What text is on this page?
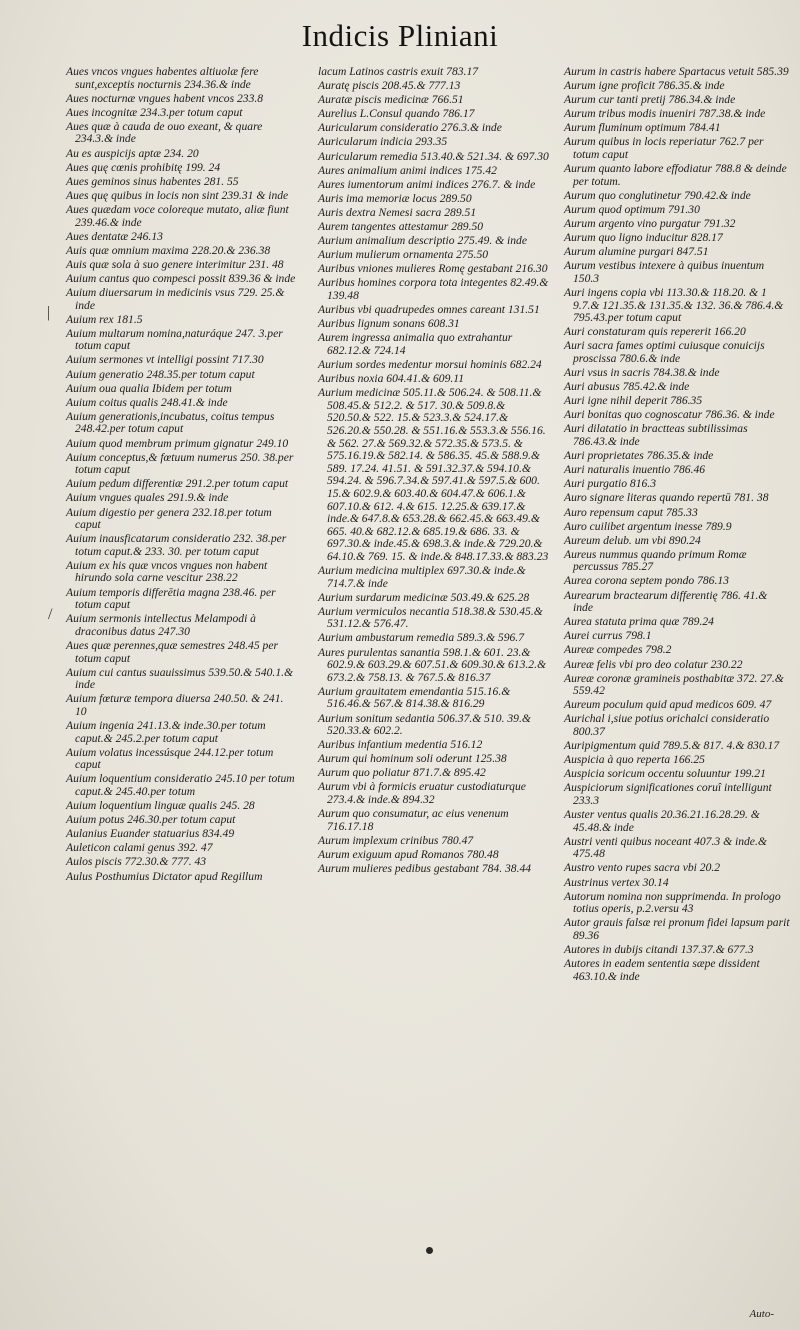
Indicis Pliniani
Aues vncos vngues habentes altiuolæ fere sunt,exceptis nocturnis 234.36.& inde
Aues nocturnæ vngues habent vncos 233.8
Aues incognitæ 234.3.per totum caput
Aues quæ à cauda de ouo exeant, & quare 234.3.& inde
Au es auspicijs aptæ 234. 20
Aues quę cœnis prohibitę 199. 24
Aues geminos sinus habentes 281. 55
Aues quę quibus in locis non sint 239.31 & inde
Aues quædam voce coloreque mutato, aliæ fiunt 239.46.& inde
Aues dentatæ 246.13
Auis quæ omnium maxima 228.20.& 236.38
Auis quæ sola à suo genere interimitur 231. 48
Auium cantus quo compesci possit 839.36 & inde
Auium diuersarum in medicinis vsus 729. 25.& inde
Auium rex 181.5
Auium multarum nomina,naturáque 247. 3.per totum caput
Auium sermones vt intelligi possint 717.30
Auium generatio 248.35.per totum caput
Auium oua qualia Ibidem per totum
Auium coitus qualis 248.41.& inde
Auium generationis,incubatus, coitus tempus 248.42.per totum caput
Auium quod membrum primum gignatur 249.10
Auium conceptus,& fœtuum numerus 250. 38.per totum caput
Auium pedum differentiæ 291.2.per totum caput
Auium vngues quales 291.9.& inde
Auium digestio per genera 232.18.per totum caput
Auium inausficatarum consideratio 232. 38.per totum caput.& 233. 30. per totum caput
Auium ex his quæ vncos vngues non habent hirundo sola carne vescitur 238.22
Auium temporis differētia magna 238.46. per totum caput
Auium sermonis intellectus Melampodi à draconibus datus 247.30
Aues quæ perennes,quæ semestres 248.45 per totum caput
Auium cui cantus suauissimus 539.50.& 540.1.& inde
Auium fœturæ tempora diuersa 240.50. & 241. 10
Auium ingenia 241.13.& inde.30.per totum caput.& 245.2.per totum caput
Auium volatus incessúsque 244.12.per totum caput
Auium loquentium consideratio 245.10 per totum caput.& 245.40.per totum
Auium loquentium linguæ qualis 245. 28
Auium potus 246.30.per totum caput
Aulanius Euander statuarius 834.49
Auleticon calami genus 392. 47
Aulos piscis 772.30.& 777. 43
Aulus Posthumius Dictator apud Regillum
lacum Latinos castris exuit 783.17
Auratę piscis 208.45.& 777.13
Auratæ piscis medicinæ 766.51
Aurelius L.Consul quando 786.17
Auricularum consideratio 276.3.& inde
Auricularum indicia 293.35
Auricularum remedia 513.40.& 521.34. & 697.30
Aures animalium animi indices 175.42
Aures iumentorum animi indices 276.7. & inde
Auris ima memoriæ locus 289.50
Auris dextra Nemesi sacra 289.51
Aurem tangentes attestamur 289.50
Aurium animalium descriptio 275.49. & inde
Aurium mulierum ornamenta 275.50
Auribus vniones mulieres Romę gestabant 216.30
Auribus homines corpora tota integentes 82.49.& 139.48
Auribus vbi quadrupedes omnes careant 131.51
Auribus lignum sonans 608.31
Aurem ingressa animalia quo extrahantur 682.12.& 724.14
Aurium sordes medentur morsui hominis 682.24
Auribus noxia 604.41.& 609.11
Aurium medicinæ 505.11.& 506.24. & 508.11.& 508.45.& 512.2. & 517. 30.& 509.8.& 520.50.& 522. 15.& 523.3.& 524.17.& 526.20.& 550.28. & 551.16.& 553.3.& 556.16. & 562. 27.& 569.32.& 572.35.& 573.5. & 575.16.19.& 582.14. & 586.35. 45.& 588.9.& 589. 17.24. 41.51. & 591.32.37.& 594.10.& 594.24. & 596.7.34.& 597.41.& 597.5.& 600. 15.& 602.9.& 603.40.& 604.47.& 606.1.& 607.10.& 612. 4.& 615. 12.25.& 639.17.& inde.& 647.8.& 653.28.& 662.45.& 663.49.& 665. 40.& 682.12.& 685.19.& 686. 33. & 697.30.& inde.45.& 698.3.& inde.& 729.20.& 64.10.& 769. 15. & inde.& 848.17.33.& 883.23
Aurium medicina multiplex 697.30.& inde.& 714.7.& inde
Aurium surdarum medicinæ 503.49.& 625.28
Aurium vermiculos necantia 518.38.& 530.45.& 531.12.& 576.47.
Aurium ambustarum remedia 589.3.& 596.7
Aures purulentas sanantia 598.1.& 601. 23.& 602.9.& 603.29.& 607.51.& 609.30.& 613.2.& 673.2.& 758.13. & 767.5.& 816.37
Aurium grauitatem emendantia 515.16.& 516.46.& 567.& 814.38.& 816.29
Aurium sonitum sedantia 506.37.& 510. 39.& 520.33.& 602.2.
Auribus infantium medentia 516.12
Aurum qui hominum soli oderunt 125.38
Aurum quo poliatur 871.7.& 895.42
Aurum vbi à formicis eruatur custodiaturque 273.4.& inde.& 894.32
Aurum quo consumatur, ac eius venenum 716.17.18
Aurum implexum crinibus 780.47
Aurum exiguum apud Romanos 780.48
Aurum mulieres pedibus gestabant 784. 38.44
Aurum in castris habere Spartacus vetuit 585.39
Aurum igne proficit 786.35.& inde
Aurum cur tanti pretij 786.34.& inde
Aurum tribus modis inueniri 787.38.& inde
Aurum fluminum optimum 784.41
Aurum quibus in locis reperiatur 762.7 per totum caput
Aurum quanto labore effodiatur 788.8 & deinde per totum.
Aurum quo conglutinetur 790.42.& inde
Aurum quod optimum 791.30
Aurum argento vino purgatur 791.32
Aurum quo ligno inducitur 828.17
Aurum alumine purgari 847.51
Aurum vestibus intexere à quibus inuentum 150.3
Auri ingens copia vbi 113.30.& 118.20. & 1 9.7.& 121.35.& 131.35.& 132. 36.& 786.4.& 795.43.per totum caput
Auri constaturam quis repererit 166.20
Auri sacra fames optimi cuiusque conuicijs proscissa 780.6.& inde
Auri vsus in sacris 784.38.& inde
Auri abusus 785.42.& inde
Auri igne nihil deperit 786.35
Auri bonitas quo cognoscatur 786.36. & inde
Auri dilatatio in bractteas subtilissimas 786.43.& inde
Auri proprietates 786.35.& inde
Auri naturalis inuentio 786.46
Auri purgatio 816.3
Auro signare literas quando repertū 781. 38
Auro repensum caput 785.33
Auro cuilibet argentum inesse 789.9
Aureum delub. um vbi 890.24
Aureus nummus quando primum Romæ percussus 785.27
Aurea corona septem pondo 786.13
Aurearum bractearum differentię 786. 41.& inde
Aurea statuta prima quæ 789.24
Aurei currus 798.1
Aureæ compedes 798.2
Aureæ felis vbi pro deo colatur 230.22
Aureæ coronæ gramineis posthabitæ 372. 27.& 559.42
Aureum poculum quid apud medicos 609. 47
Aurichal i,siue potius orichalci consideratio 800.37
Auripigmentum quid 789.5.& 817. 4.& 830.17
Auspicia à quo reperta 166.25
Auspicia soricum occentu soluuntur 199.21
Auspiciorum significationes coruî intelligunt 233.3
Auster ventus qualis 20.36.21.16.28.29. & 45.48.& inde
Austri venti quibus noceant 407.3 & inde.& 475.48
Austro vento rupes sacra vbi 20.2
Austrinus vertex 30.14
Autorum nomina non supprimenda. In prologo totius operis, p.2.versu 43
Autor grauis falsæ rei pronum fidei lapsum parit 89.36
Autores in dubijs citandi 137.37.& 677.3
Autores in eadem sententia sæpe dissident 463.10.& inde
|
/
Auto-
